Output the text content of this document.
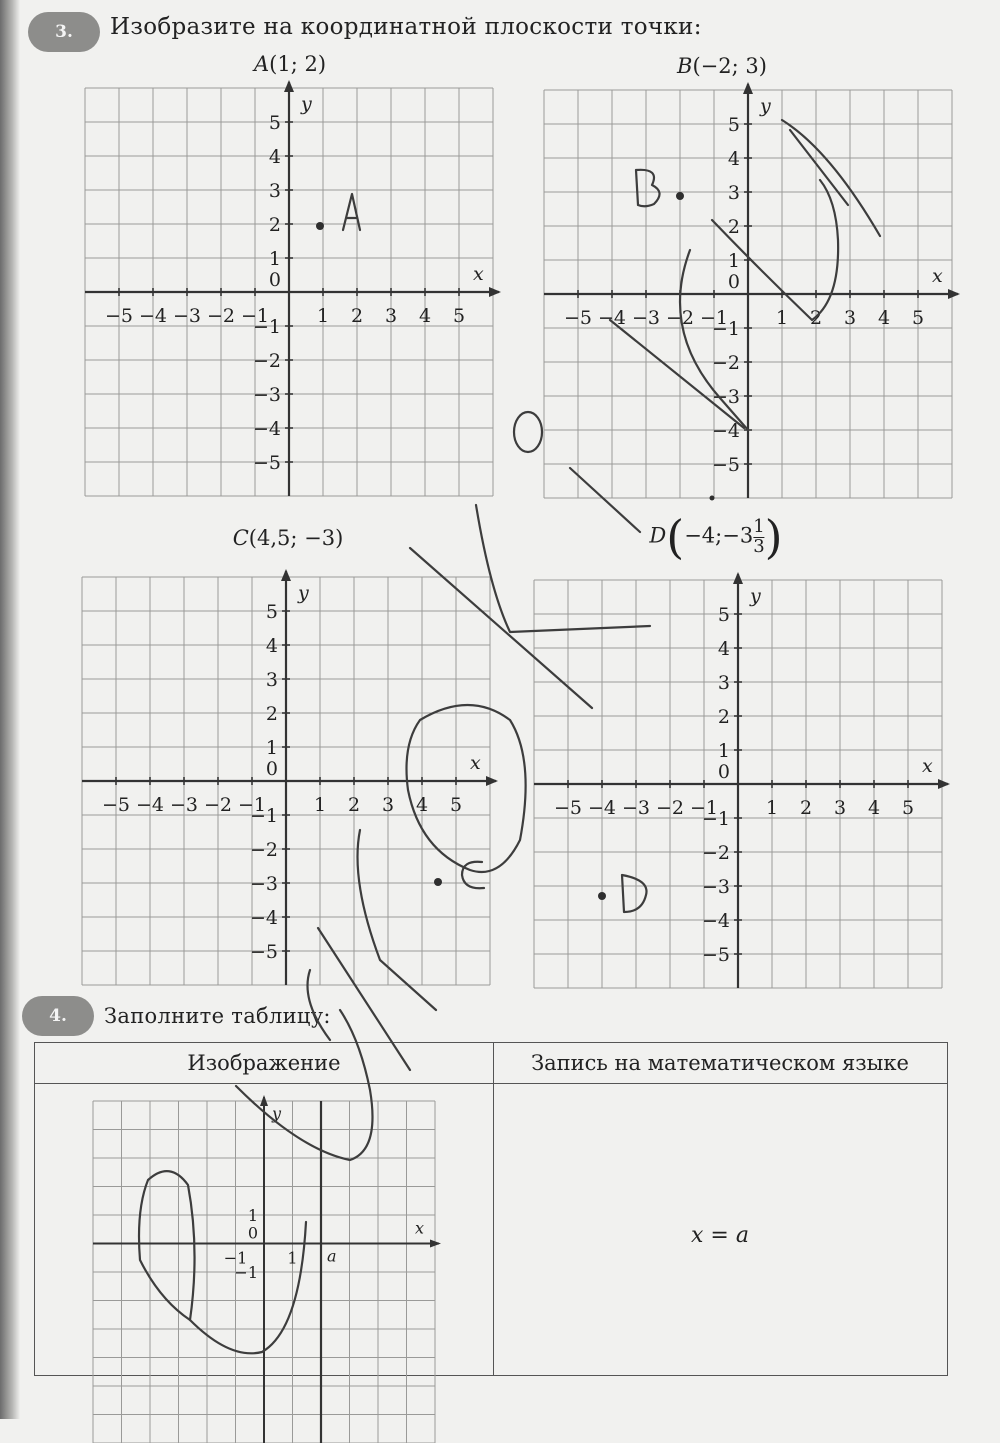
3. Изобразите на координатной плоскости точки:
A(1; 2)	B(−2; 3)
C(4,5; −3)	D(−4;−3 $\frac{1}{3}$ )
−5 −4 −3 −2 −1	1 2 3 4 5
5
4
3
2
1
−1
−2
−3
−4
−5
0	x
y
−5 −4 −3 −2 −1	1 2 3 4 5
5
4
3
2
1
−1
−2
−3
−4
−5
0	x
y
−5 −4 −3 −2 −1	1 2 3 4 5
5
4
3
2
1
−1
−2
−3
−4
−5
0	x
y
−5 −4 −3 −2 −1	1 2 3 4 5
5
4
3
2
1
−1
−2
−3
−4
−5
0	x
y
4. Заполните таблицу:
Изображение	Запись на математическом языке
−1	1
1
−1
0	x
y
a
x = a
